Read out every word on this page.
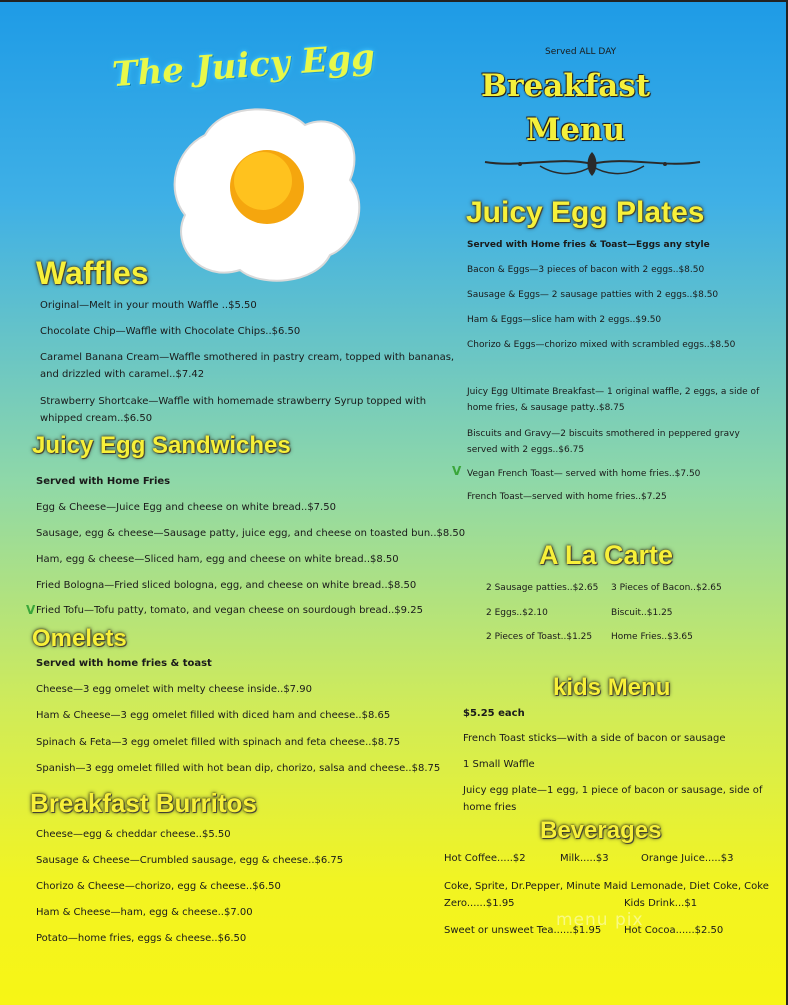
The Juicy Egg	Served ALL DAY
Breakfast
Menu
Waffles
Original—Melt in your mouth Waffle ..$5.50
Chocolate Chip—Waffle with Chocolate Chips..$6.50
Caramel Banana Cream—Waffle smothered in pastry cream, topped with bananas, and drizzled with caramel..$7.42
Strawberry Shortcake—Waffle with homemade strawberry Syrup topped with whipped cream..$6.50
Juicy Egg Sandwiches
Served with Home Fries
Egg & Cheese—Juice Egg and cheese on white bread..$7.50
Sausage, egg & cheese—Sausage patty, juice egg, and cheese on toasted bun..$8.50
Ham, egg & cheese—Sliced ham, egg and cheese on white bread..$8.50
Fried Bologna—Fried sliced bologna, egg, and cheese on white bread..$8.50
V Fried Tofu—Tofu patty, tomato, and vegan cheese on sourdough bread..$9.25
Omelets
Served with home fries & toast
Cheese—3 egg omelet with melty cheese inside..$7.90
Ham & Cheese—3 egg omelet filled with diced ham and cheese..$8.65
Spinach & Feta—3 egg omelet filled with spinach and feta cheese..$8.75
Spanish—3 egg omelet filled with hot bean dip, chorizo, salsa and cheese..$8.75
Breakfast Burritos
Cheese—egg & cheddar cheese..$5.50
Sausage & Cheese—Crumbled sausage, egg & cheese..$6.75
Chorizo & Cheese—chorizo, egg & cheese..$6.50
Ham & Cheese—ham, egg & cheese..$7.00
Potato—home fries, eggs & cheese..$6.50
Juicy Egg Plates
Served with Home fries & Toast—Eggs any style
Bacon & Eggs—3 pieces of bacon with 2 eggs..$8.50
Sausage & Eggs— 2 sausage patties with 2 eggs..$8.50
Ham & Eggs—slice ham with 2 eggs..$9.50
Chorizo & Eggs—chorizo mixed with scrambled eggs..$8.50
Juicy Egg Ultimate Breakfast— 1 original waffle, 2 eggs, a side of home fries, & sausage patty..$8.75
Biscuits and Gravy—2 biscuits smothered in peppered gravy served with 2 eggs..$6.75
V Vegan French Toast— served with home fries..$7.50
French Toast—served with home fries..$7.25
A La Carte
2 Sausage patties..$2.65 3 Pieces of Bacon..$2.65
2 Eggs..$2.10	Biscuit..$1.25
2 Pieces of Toast..$1.25 Home Fries..$3.65
kids Menu
$5.25 each
French Toast sticks—with a side of bacon or sausage
1 Small Waffle
Juicy egg plate—1 egg, 1 piece of bacon or sausage, side of home fries
Beverages
Hot Coffee.....$2	Milk.....$3	Orange Juice.....$3
Coke, Sprite, Dr.Pepper, Minute Maid Lemonade, Diet Coke, Coke Zero......$1.95	Kids Drink...$1
Sweet or unsweet Tea......$1.95 Hot Cocoa......$2.50
menu pix
